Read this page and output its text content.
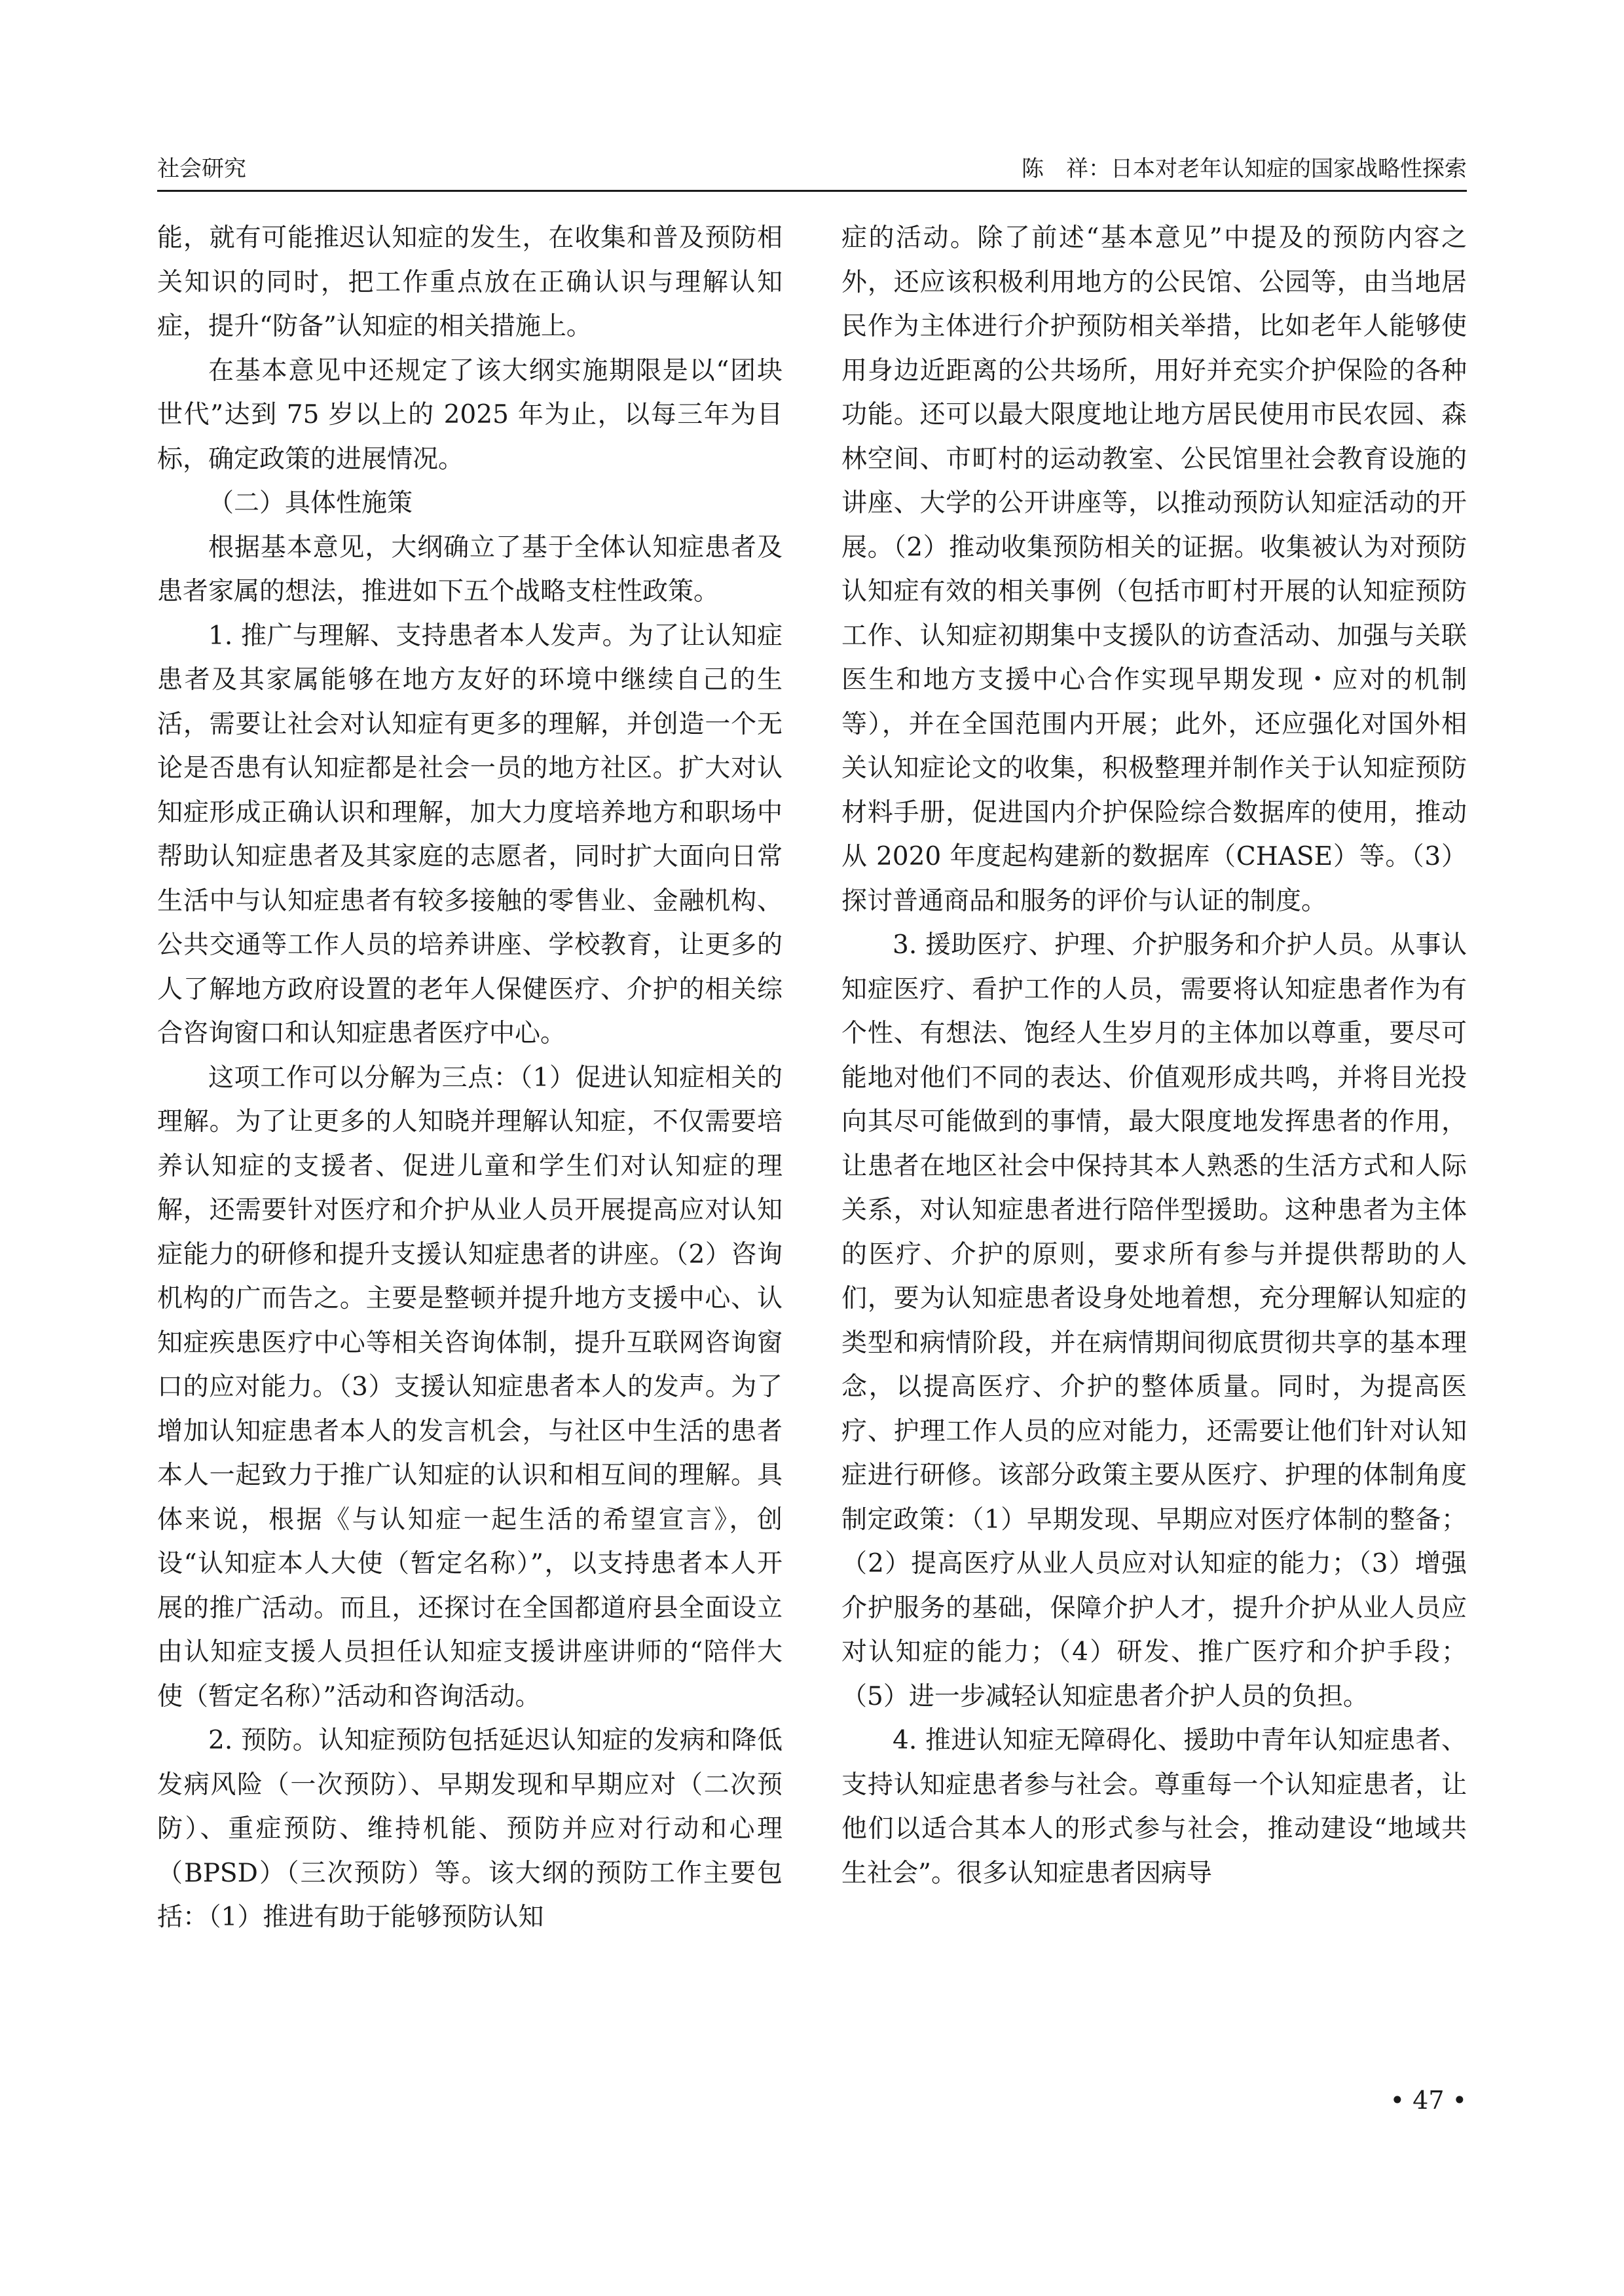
社会研究	陈　祥：日本对老年认知症的国家战略性探索

能，就有可能推迟认知症的发生，在收集和普及预防相关知识的同时，把工作重点放在正确认识与理解认知症，提升“防备”认知症的相关措施上。

在基本意见中还规定了该大纲实施期限是以“团块世代”达到 75 岁以上的 2025 年为止，以每三年为目标，确定政策的进展情况。

（二）具体性施策

根据基本意见，大纲确立了基于全体认知症患者及患者家属的想法，推进如下五个战略支柱性政策。

1. 推广与理解、支持患者本人发声。为了让认知症患者及其家属能够在地方友好的环境中继续自己的生活，需要让社会对认知症有更多的理解，并创造一个无论是否患有认知症都是社会一员的地方社区。扩大对认知症形成正确认识和理解，加大力度培养地方和职场中帮助认知症患者及其家庭的志愿者，同时扩大面向日常生活中与认知症患者有较多接触的零售业、金融机构、公共交通等工作人员的培养讲座、学校教育，让更多的人了解地方政府设置的老年人保健医疗、介护的相关综合咨询窗口和认知症患者医疗中心。

这项工作可以分解为三点：（1）促进认知症相关的理解。为了让更多的人知晓并理解认知症，不仅需要培养认知症的支援者、促进儿童和学生们对认知症的理解，还需要针对医疗和介护从业人员开展提高应对认知症能力的研修和提升支援认知症患者的讲座。（2）咨询机构的广而告之。主要是整顿并提升地方支援中心、认知症疾患医疗中心等相关咨询体制，提升互联网咨询窗口的应对能力。（3）支援认知症患者本人的发声。为了增加认知症患者本人的发言机会，与社区中生活的患者本人一起致力于推广认知症的认识和相互间的理解。具体来说，根据《与认知症一起生活的希望宣言》，创设“认知症本人大使（暂定名称）”，以支持患者本人开展的推广活动。而且，还探讨在全国都道府县全面设立由认知症支援人员担任认知症支援讲座讲师的“陪伴大使（暂定名称）”活动和咨询活动。

2. 预防。认知症预防包括延迟认知症的发病和降低发病风险（一次预防）、早期发现和早期应对（二次预防）、重症预防、维持机能、预防并应对行动和心理（BPSD）（三次预防）等。该大纲的预防工作主要包括：（1）推进有助于能够预防认知

症的活动。除了前述“基本意见”中提及的预防内容之外，还应该积极利用地方的公民馆、公园等，由当地居民作为主体进行介护预防相关举措，比如老年人能够使用身边近距离的公共场所，用好并充实介护保险的各种功能。还可以最大限度地让地方居民使用市民农园、森林空间、市町村的运动教室、公民馆里社会教育设施的讲座、大学的公开讲座等，以推动预防认知症活动的开展。（2）推动收集预防相关的证据。收集被认为对预防认知症有效的相关事例（包括市町村开展的认知症预防工作、认知症初期集中支援队的访查活动、加强与关联医生和地方支援中心合作实现早期发现・应对的机制等），并在全国范围内开展；此外，还应强化对国外相关认知症论文的收集，积极整理并制作关于认知症预防材料手册，促进国内介护保险综合数据库的使用，推动从 2020 年度起构建新的数据库（CHASE）等。（3）探讨普通商品和服务的评价与认证的制度。

3. 援助医疗、护理、介护服务和介护人员。从事认知症医疗、看护工作的人员，需要将认知症患者作为有个性、有想法、饱经人生岁月的主体加以尊重，要尽可能地对他们不同的表达、价值观形成共鸣，并将目光投向其尽可能做到的事情，最大限度地发挥患者的作用，让患者在地区社会中保持其本人熟悉的生活方式和人际关系，对认知症患者进行陪伴型援助。这种患者为主体的医疗、介护的原则，要求所有参与并提供帮助的人们，要为认知症患者设身处地着想，充分理解认知症的类型和病情阶段，并在病情期间彻底贯彻共享的基本理念，以提高医疗、介护的整体质量。同时，为提高医疗、护理工作人员的应对能力，还需要让他们针对认知症进行研修。该部分政策主要从医疗、护理的体制角度制定政策：（1）早期发现、早期应对医疗体制的整备；（2）提高医疗从业人员应对认知症的能力；（3）增强介护服务的基础，保障介护人才，提升介护从业人员应对认知症的能力；（4）研发、推广医疗和介护手段；（5）进一步减轻认知症患者介护人员的负担。

4. 推进认知症无障碍化、援助中青年认知症患者、支持认知症患者参与社会。尊重每一个认知症患者，让他们以适合其本人的形式参与社会，推动建设“地域共生社会”。很多认知症患者因病导

• 47 •
